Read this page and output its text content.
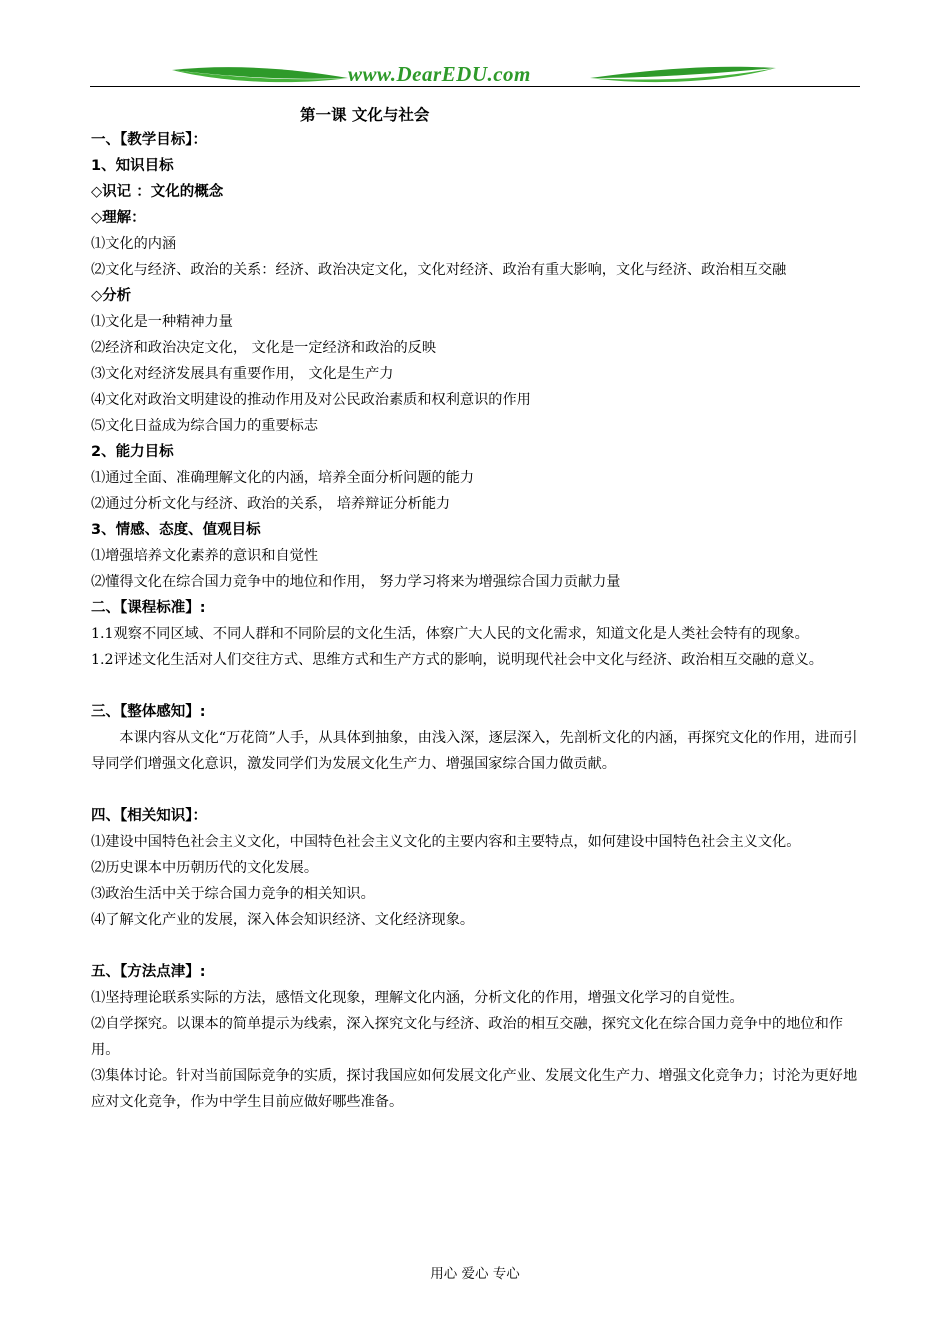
www.DearEDU.com
第一课 文化与社会
一、【教学目标】：
1、知识目标
◇识记 ：文化的概念
◇理解：
⑴文化的内涵
⑵文化与经济、政治的关系：经济、政治决定文化，文化对经济、政治有重大影响，文化与经济、政治相互交融
◇分析
⑴文化是一种精神力量
⑵经济和政治决定文化， 文化是一定经济和政治的反映
⑶文化对经济发展具有重要作用， 文化是生产力
⑷文化对政治文明建设的推动作用及对公民政治素质和权利意识的作用
⑸文化日益成为综合国力的重要标志
2、能力目标
⑴通过全面、准确理解文化的内涵，培养全面分析问题的能力
⑵通过分析文化与经济、政治的关系， 培养辩证分析能力
3、情感、态度、值观目标
⑴增强培养文化素养的意识和自觉性
⑵懂得文化在综合国力竞争中的地位和作用， 努力学习将来为增强综合国力贡献力量
二、【课程标准】:
1.1观察不同区域、不同人群和不同阶层的文化生活，体察广大人民的文化需求，知道文化是人类社会特有的现象。
1.2评述文化生活对人们交往方式、思维方式和生产方式的影响，说明现代社会中文化与经济、政治相互交融的意义。
三、【整体感知】:
本课内容从文化“万花筒”人手，从具体到抽象，由浅入深，逐层深入，先剖析文化的内涵，再探究文化的作用，进而引导同学们增强文化意识，激发同学们为发展文化生产力、增强国家综合国力做贡献。
四、【相关知识】：
⑴建设中国特色社会主义文化，中国特色社会主义文化的主要内容和主要特点，如何建设中国特色社会主义文化。
⑵历史课本中历朝历代的文化发展。
⑶政治生活中关于综合国力竞争的相关知识。
⑷了解文化产业的发展，深入体会知识经济、文化经济现象。
五、【方法点津】:
⑴坚持理论联系实际的方法，感悟文化现象，理解文化内涵，分析文化的作用，增强文化学习的自觉性。
⑵自学探究。以课本的简单提示为线索，深入探究文化与经济、政治的相互交融，探究文化在综合国力竞争中的地位和作用。
⑶集体讨论。针对当前国际竞争的实质，探讨我国应如何发展文化产业、发展文化生产力、增强文化竞争力；讨沦为更好地应对文化竞争，作为中学生目前应做好哪些准备。
用心 爱心 专心
